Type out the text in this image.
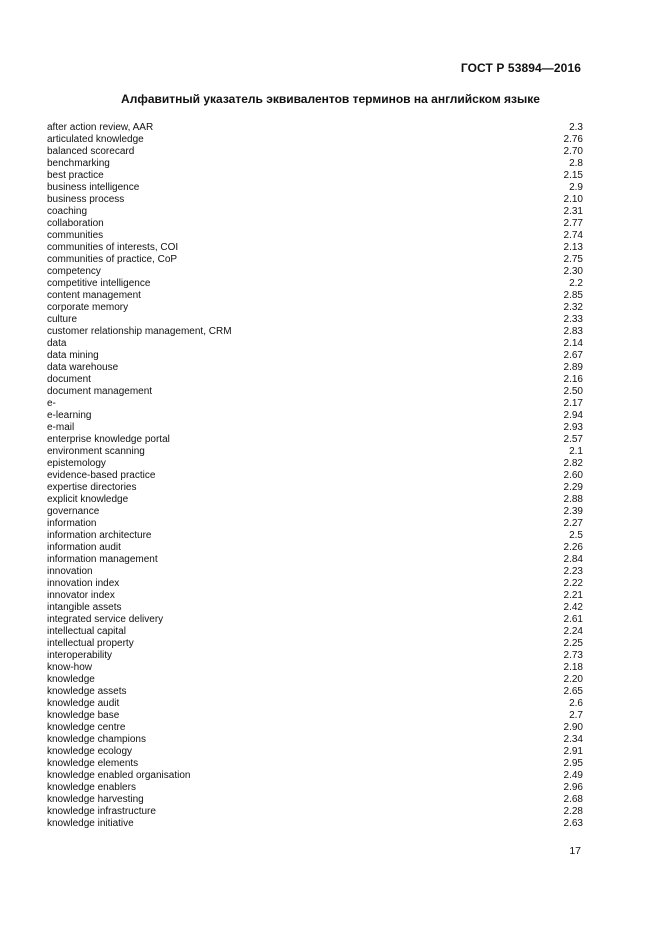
ГОСТ Р 53894—2016
Алфавитный указатель эквивалентов терминов на английском языке
after action review, AAR	2.3
articulated knowledge	2.76
balanced scorecard	2.70
benchmarking	2.8
best practice	2.15
business intelligence	2.9
business process	2.10
coaching	2.31
collaboration	2.77
communities	2.74
communities of interests, COI	2.13
communities of practice, CoP	2.75
competency	2.30
competitive intelligence	2.2
content management	2.85
corporate memory	2.32
culture	2.33
customer relationship management, CRM	2.83
data	2.14
data mining	2.67
data warehouse	2.89
document	2.16
document management	2.50
e-	2.17
e-learning	2.94
e-mail	2.93
enterprise knowledge portal	2.57
environment scanning	2.1
epistemology	2.82
evidence-based practice	2.60
expertise directories	2.29
explicit knowledge	2.88
governance	2.39
information	2.27
information architecture	2.5
information audit	2.26
information management	2.84
innovation	2.23
innovation index	2.22
innovator index	2.21
intangible assets	2.42
integrated service delivery	2.61
intellectual capital	2.24
intellectual property	2.25
interoperability	2.73
know-how	2.18
knowledge	2.20
knowledge assets	2.65
knowledge audit	2.6
knowledge base	2.7
knowledge centre	2.90
knowledge champions	2.34
knowledge ecology	2.91
knowledge elements	2.95
knowledge enabled organisation	2.49
knowledge enablers	2.96
knowledge harvesting	2.68
knowledge infrastructure	2.28
knowledge initiative	2.63
17
